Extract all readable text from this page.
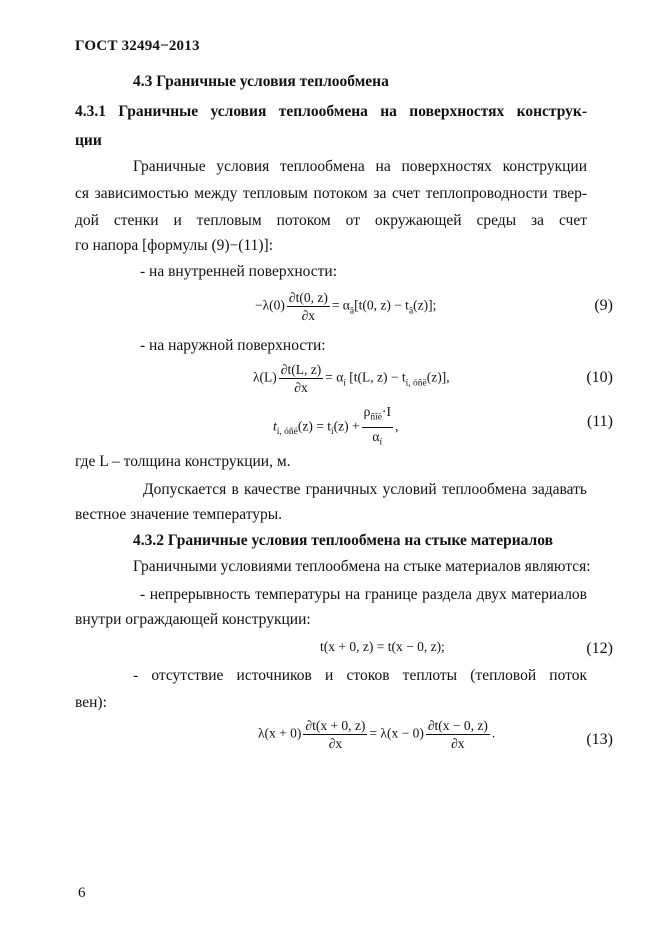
ГОСТ 32494−2013
4.3 Граничные условия теплообмена
4.3.1 Граничные условия теплообмена на поверхностях конструк-
ции
Граничные условия теплообмена на поверхностях конструкции
ся зависимостью между тепловым потоком за счет теплопроводности твер-
дой стенки и тепловым потоком от окружающей среды за счет
го напора [формулы (9)−(11)]:
- на внутренней поверхности:
$-\lambda(0) \frac{\partial t(0, z)}{\partial x} = \alpha_â[t(0$, $z) - t_â(z)$];	(9)
- на наружной поверхности:
$\lambda(L) \frac{\partial t(L, z)}{\partial x} = \alpha_í$ [t(L, $z) - t_{í, óñë}(z)$],	(10)
$t_{í, óñë}(z) = t_í(z) + \frac{\rho_{ñîë}\cdot I}{\alpha_í}$ ,	(11)
где L – толщина конструкции, м.
Допускается в качестве граничных условий теплообмена задавать
вестное значение температуры.
4.3.2 Граничные условия теплообмена на стыке материалов
Граничными условиями теплообмена на стыке материалов являются:
- непрерывность температуры на границе раздела двух материалов
внутри ограждающей конструкции:
t(x + 0, z) = t(x − 0, z);	(12)
- отсутствие источников и стоков теплоты (тепловой поток
вен):
$\lambda(x + 0) \frac{\partial t(x + 0, z)}{\partial x} = \lambda(x - 0) \frac{\partial t(x - 0, z)}{\partial x}$ .	(13)
6
